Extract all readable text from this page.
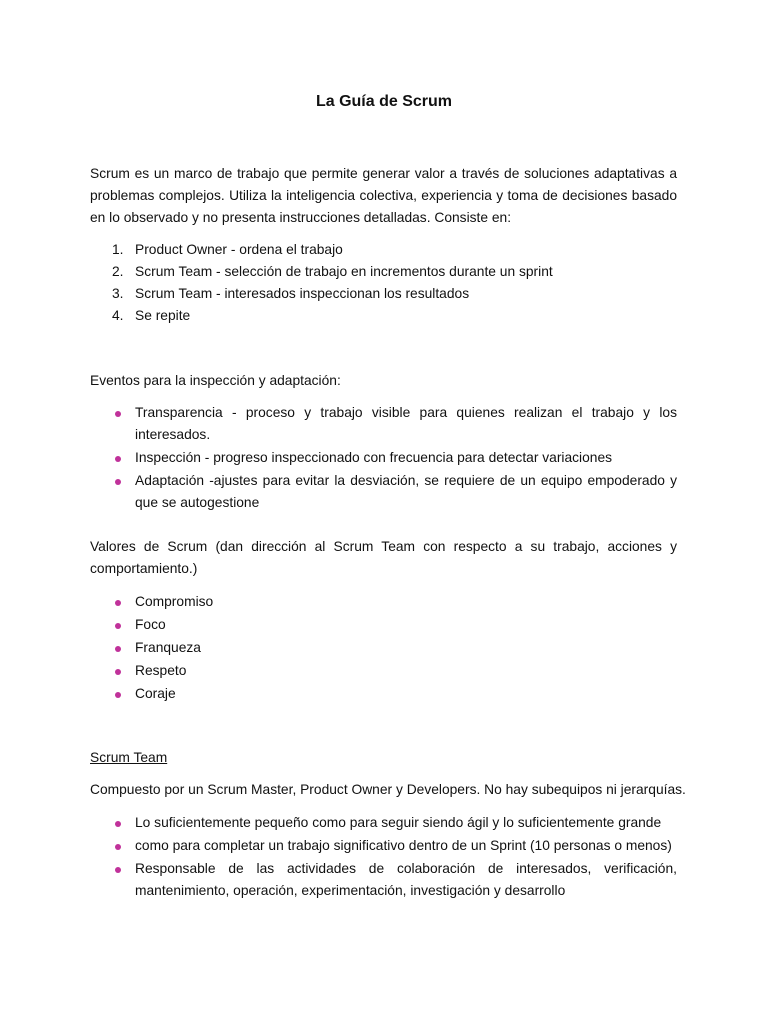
La Guía de Scrum

Scrum es un marco de trabajo que permite generar valor a través de soluciones adaptativas a problemas complejos. Utiliza la inteligencia colectiva, experiencia y toma de decisiones basado en lo observado y no presenta instrucciones detalladas. Consiste en:

1. Product Owner - ordena el trabajo
2. Scrum Team - selección de trabajo en incrementos durante un sprint
3. Scrum Team - interesados inspeccionan los resultados
4. Se repite

Eventos para la inspección y adaptación:

Transparencia - proceso y trabajo visible para quienes realizan el trabajo y los interesados.
Inspección - progreso inspeccionado con frecuencia para detectar variaciones
Adaptación -ajustes para evitar la desviación, se requiere de un equipo empoderado y que se autogestione

Valores de Scrum (dan dirección al Scrum Team con respecto a su trabajo, acciones y comportamiento.)

Compromiso
Foco
Franqueza
Respeto
Coraje

Scrum Team

Compuesto por un Scrum Master, Product Owner y Developers. No hay subequipos ni jerarquías.

Lo suficientemente pequeño como para seguir siendo ágil y lo suficientemente grande
como para completar un trabajo significativo dentro de un Sprint (10 personas o menos)
Responsable de las actividades de colaboración de interesados, verificación, mantenimiento, operación, experimentación, investigación y desarrollo
